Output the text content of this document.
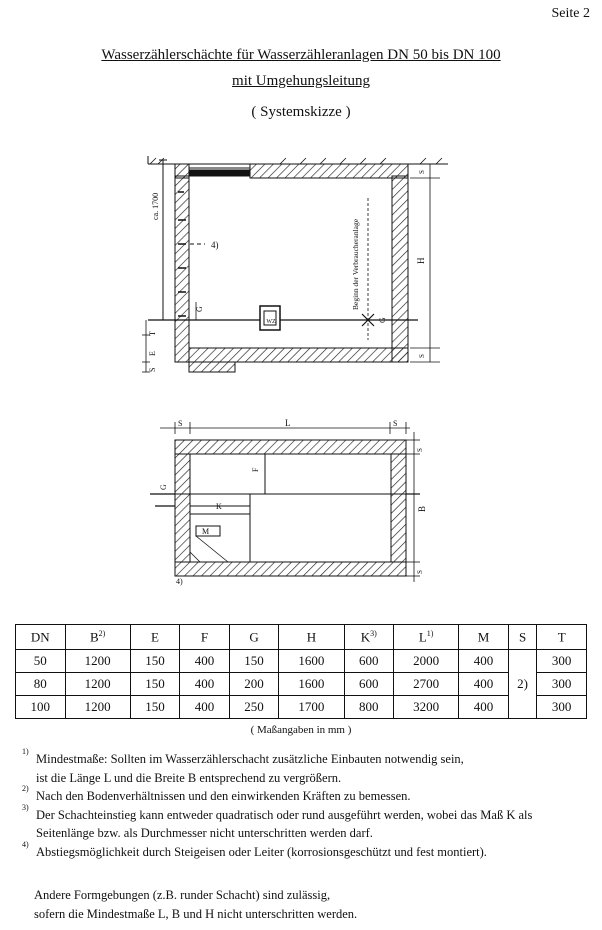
Seite 2
Wasserzählerschächte für Wasserzähleranlagen DN 50 bis DN 100
mit Umgehungsleitung
( Systemskizze )
4)
ca. 1700
T
E
S
G
WZ
Beginn der Verbraucheranlage
G
S
H
S
S	L	S
F
K
M
G
4)
S
B
S
DN	$B^{2)}$	E	F	G	H	$K^{3)}$	$L^{1)}$	M	S	T
50	1200	150	400	150	1600	600	2000	400	2)	300
80	1200	150	400	200	1600	600	2700	400		300
100	1200	150	400	250	1700	800	3200	400		300
( Maßangaben in mm )
1)
Mindestmaße: Sollten im Wasserzählerschacht zusätzliche Einbauten notwendig sein,
ist die Länge L und die Breite B entsprechend zu vergrößern.
2)
Nach den Bodenverhältnissen und den einwirkenden Kräften zu bemessen.
3)
Der Schachteinstieg kann entweder quadratisch oder rund ausgeführt werden, wobei das Maß K als
Seitenlänge bzw. als Durchmesser nicht unterschritten werden darf.
4)
Abstiegsmöglichkeit durch Steigeisen oder Leiter (korrosionsgeschützt und fest montiert).
Andere Formgebungen (z.B. runder Schacht) sind zulässig,
sofern die Mindestmaße L, B und H nicht unterschritten werden.
